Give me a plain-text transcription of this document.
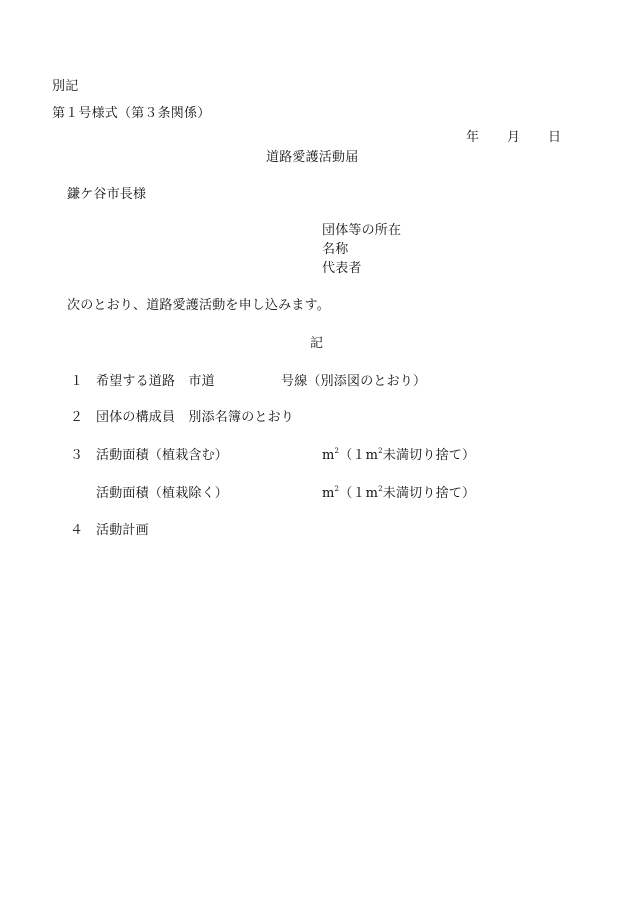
別記
第１号様式（第３条関係）
年 月 日
道路愛護活動届
鎌ケ谷市長様
団体等の所在
名称
代表者
次のとおり、道路愛護活動を申し込みます。
記
１ 希望する道路　市道	号線（別添図のとおり）
２ 団体の構成員　別添名簿のとおり
３ 活動面積（植栽含む）	$m^2(1m^2$未満切り捨て）
活動面積（植栽除く）	$m^2(1m^2$未満切り捨て）
４ 活動計画
